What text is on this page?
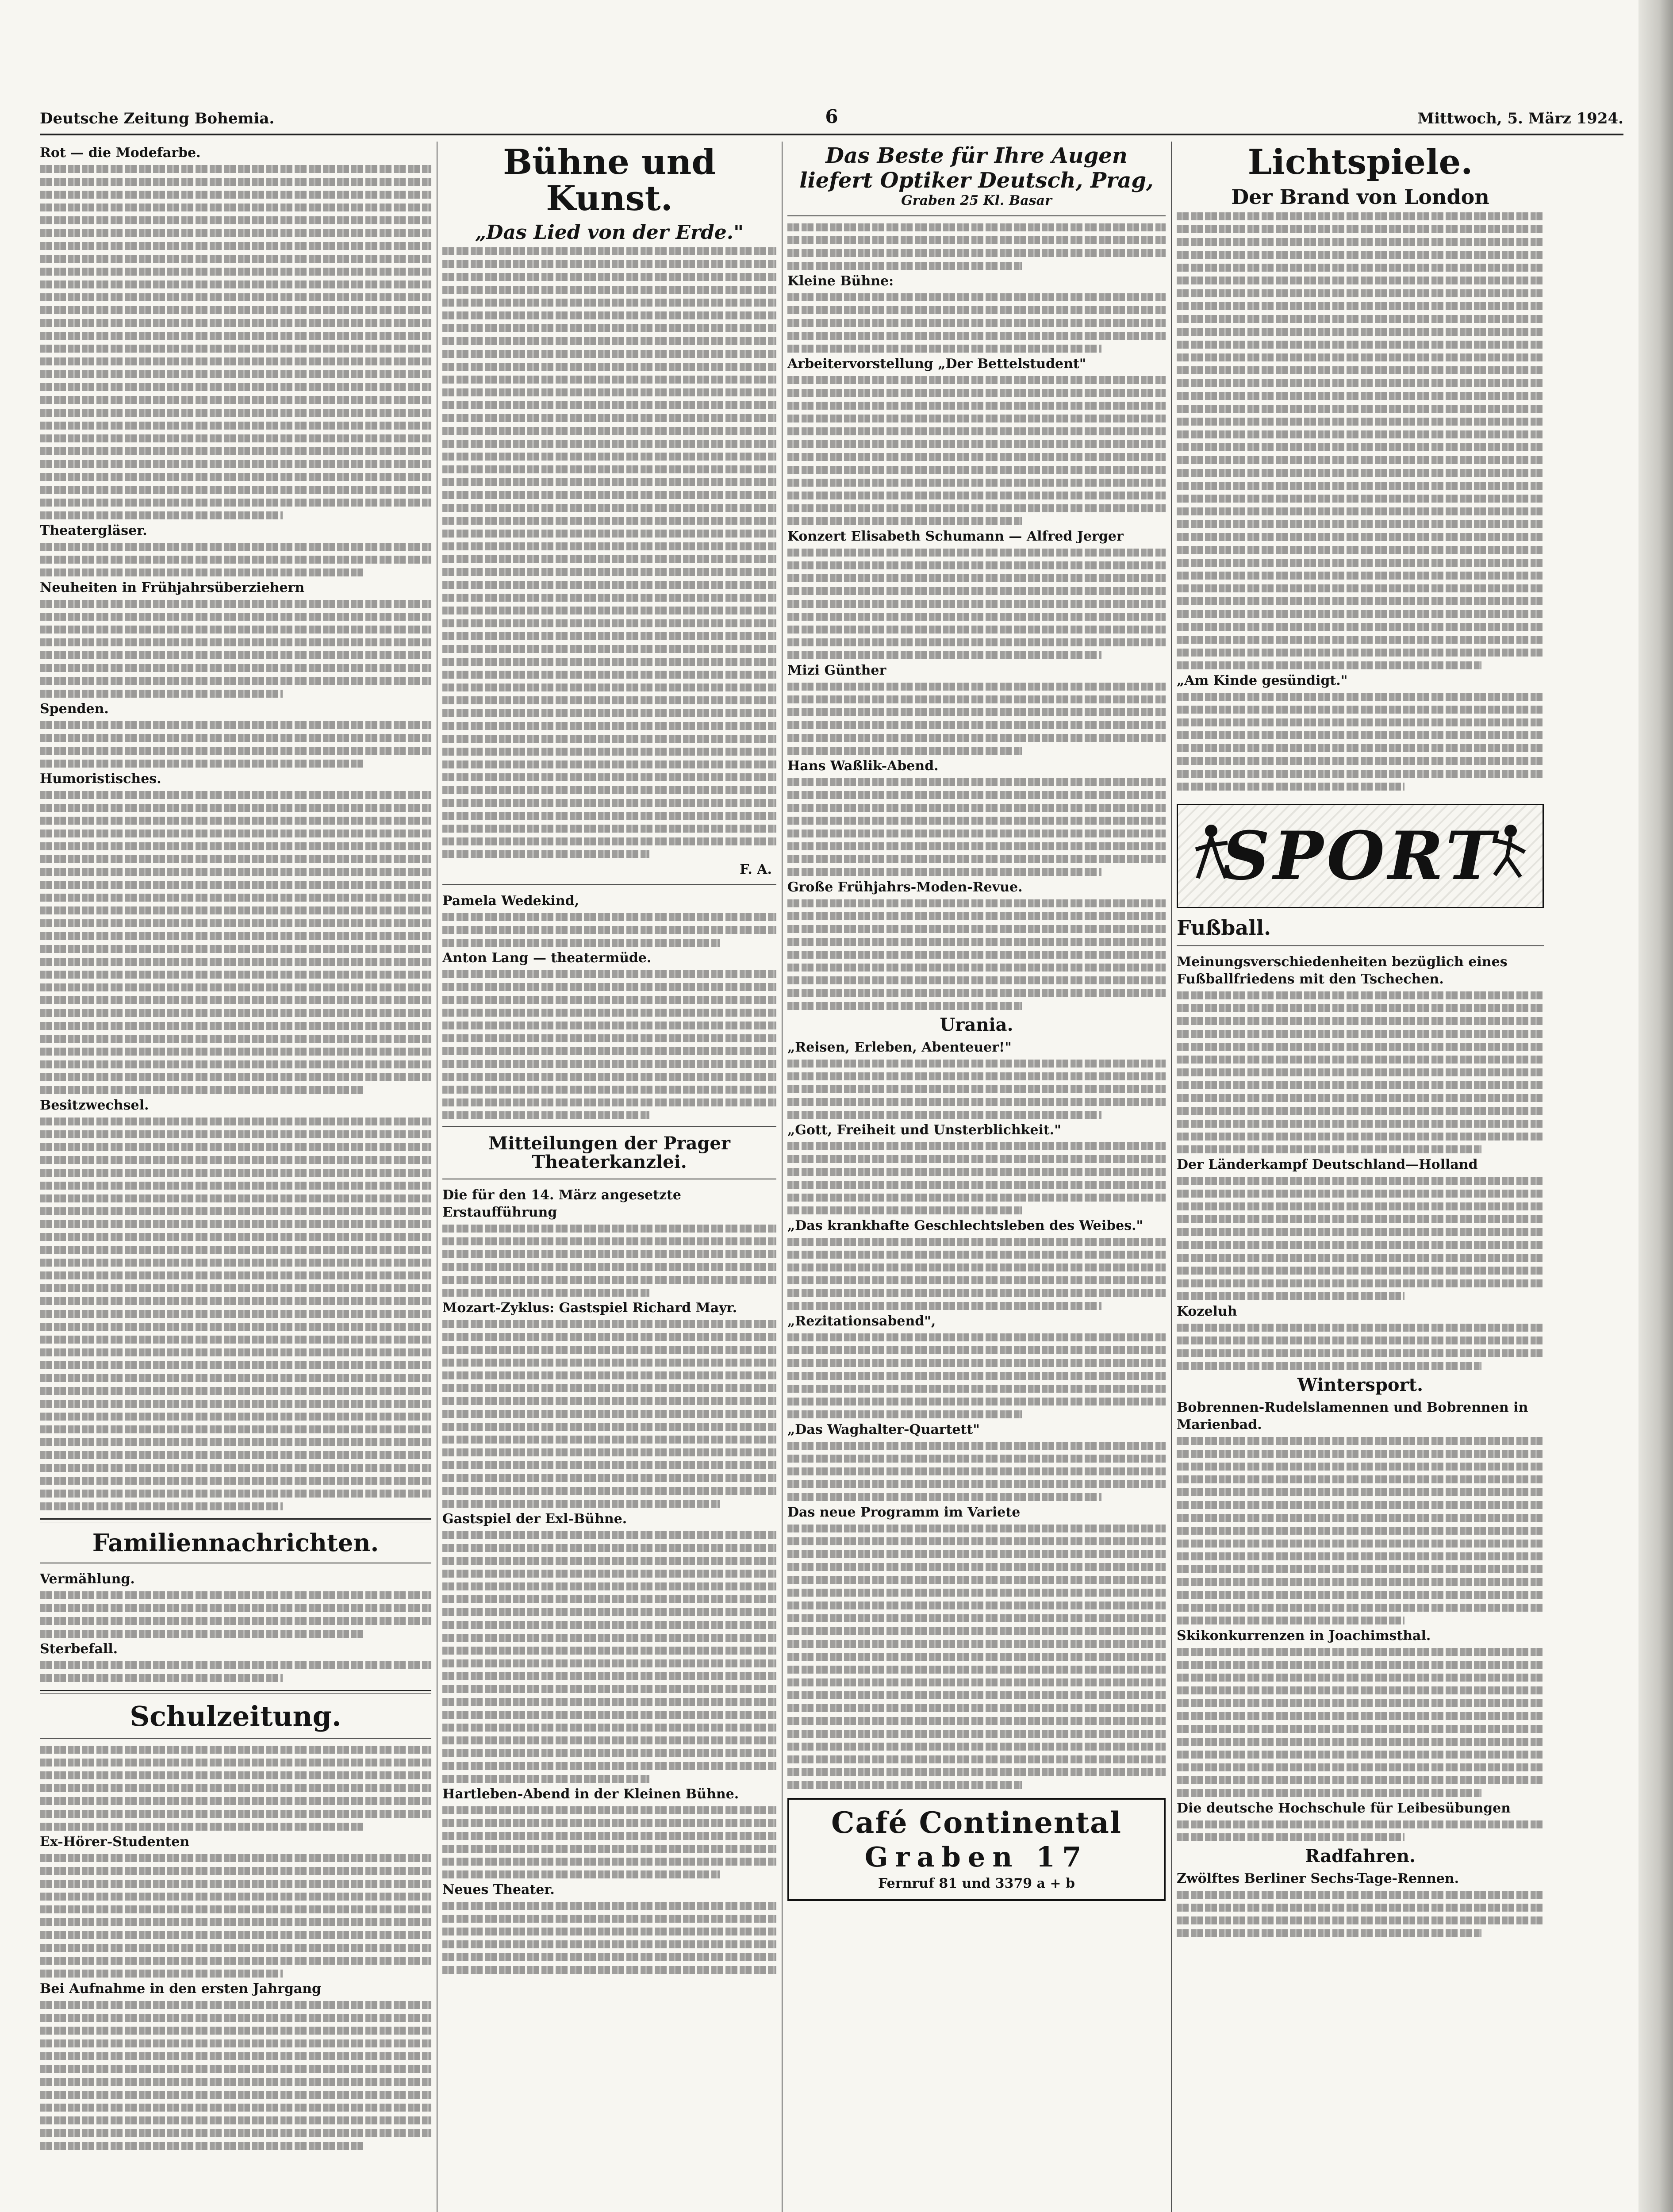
Deutsche Zeitung Bohemia.	6	Mittwoch, 5. März 1924.
Rot — die Modefarbe.
Theatergläser.
Neuheiten in Frühjahrsüberziehern
Spenden.
Humoristisches.
Besitzwechsel.
Familiennachrichten.
Vermählung.
Sterbefall.
Schulzeitung.
Ex-Hörer-Studenten
Bei Aufnahme in den ersten Jahrgang
Bühne und Kunst.
„Das Lied von der Erde."
F. A.
Pamela Wedekind,
Anton Lang — theatermüde.
Mitteilungen der Prager Theaterkanzlei.
Die für den 14. März angesetzte Erstaufführung
Mozart-Zyklus: Gastspiel Richard Mayr.
Gastspiel der Exl-Bühne.
Hartleben-Abend in der Kleinen Bühne.
Neues Theater.
Das Beste für Ihre Augen
liefert Optiker Deutsch, Prag,
Graben 25 Kl. Basar
Kleine Bühne:
Arbeitervorstellung „Der Bettelstudent"
Konzert Elisabeth Schumann — Alfred Jerger
Mizi Günther
Hans Waßlik-Abend.
Große Frühjahrs-Moden-Revue.
Urania.
„Reisen, Erleben, Abenteuer!"
„Gott, Freiheit und Unsterblichkeit."
„Das krankhafte Geschlechtsleben des Weibes."
„Rezitationsabend",
„Das Waghalter-Quartett"
Das neue Programm im Variete
Café Continental
Graben 17
Fernruf 81 und 3379 a + b
Lichtspiele.
Der Brand von London
„Am Kinde gesündigt."
SPORT
Fußball.
Meinungsverschiedenheiten bezüglich eines Fußballfriedens mit den Tschechen.
Der Länderkampf Deutschland—Holland
Kozeluh
Wintersport.
Bobrennen-Rudelslamennen und Bobrennen in Marienbad.
Skikonkurrenzen in Joachimsthal.
Die deutsche Hochschule für Leibesübungen
Radfahren.
Zwölftes Berliner Sechs-Tage-Rennen.
